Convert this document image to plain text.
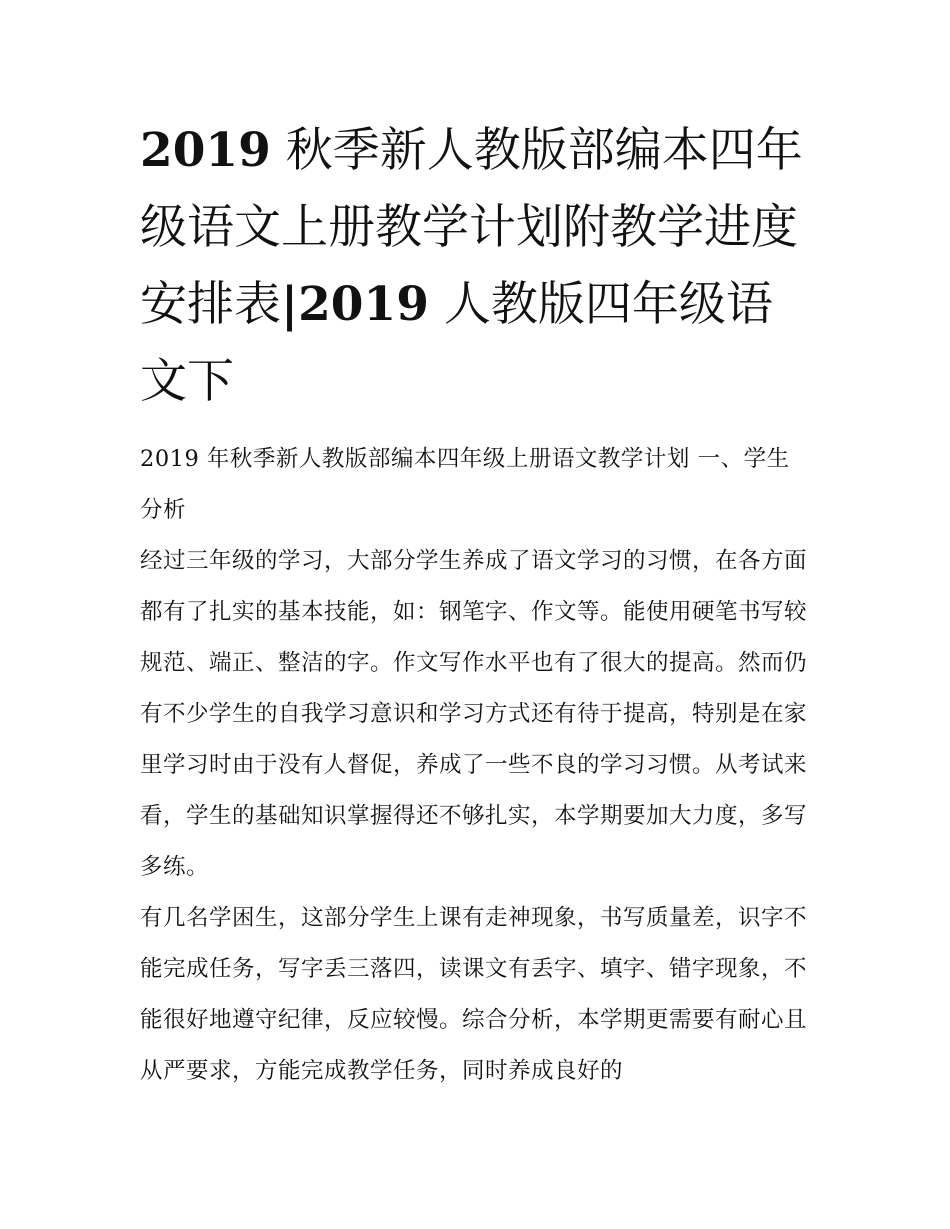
2019 秋季新人教版部编本四年级语文上册教学计划附教学进度安排表|2019 人教版四年级语文下

2019 年秋季新人教版部编本四年级上册语文教学计划 一、学生分析

经过三年级的学习，大部分学生养成了语文学习的习惯，在各方面都有了扎实的基本技能，如：钢笔字、作文等。能使用硬笔书写较规范、端正、整洁的字。作文写作水平也有了很大的提高。然而仍有不少学生的自我学习意识和学习方式还有待于提高，特别是在家里学习时由于没有人督促，养成了一些不良的学习习惯。从考试来看，学生的基础知识掌握得还不够扎实，本学期要加大力度，多写多练。

有几名学困生，这部分学生上课有走神现象，书写质量差，识字不能完成任务，写字丢三落四，读课文有丢字、填字、错字现象，不能很好地遵守纪律，反应较慢。综合分析，本学期更需要有耐心且从严要求，方能完成教学任务，同时养成良好的
